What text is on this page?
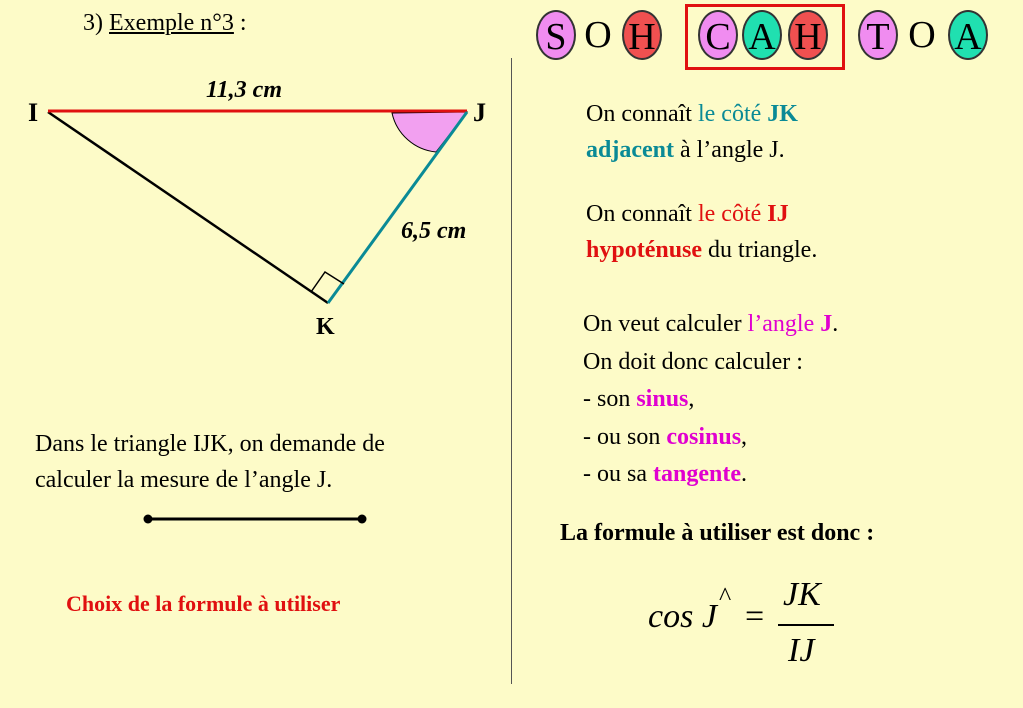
3) Exemple n°3 :	S O H C A H T O A
I	J
K
11,3 cm
6,5 cm
On connaît le côté JK
adjacent à l’angle J.
On connaît le côté IJ
hypoténuse du triangle.
On veut calculer l’angle J.
On doit donc calculer :
- son sinus,
- ou son cosinus,
- ou sa tangente.
La formule à utiliser est donc :
cos J
^
=
JK
IJ
Dans le triangle IJK, on demande de
calculer la mesure de l’angle J.
Choix de la formule à utiliser
